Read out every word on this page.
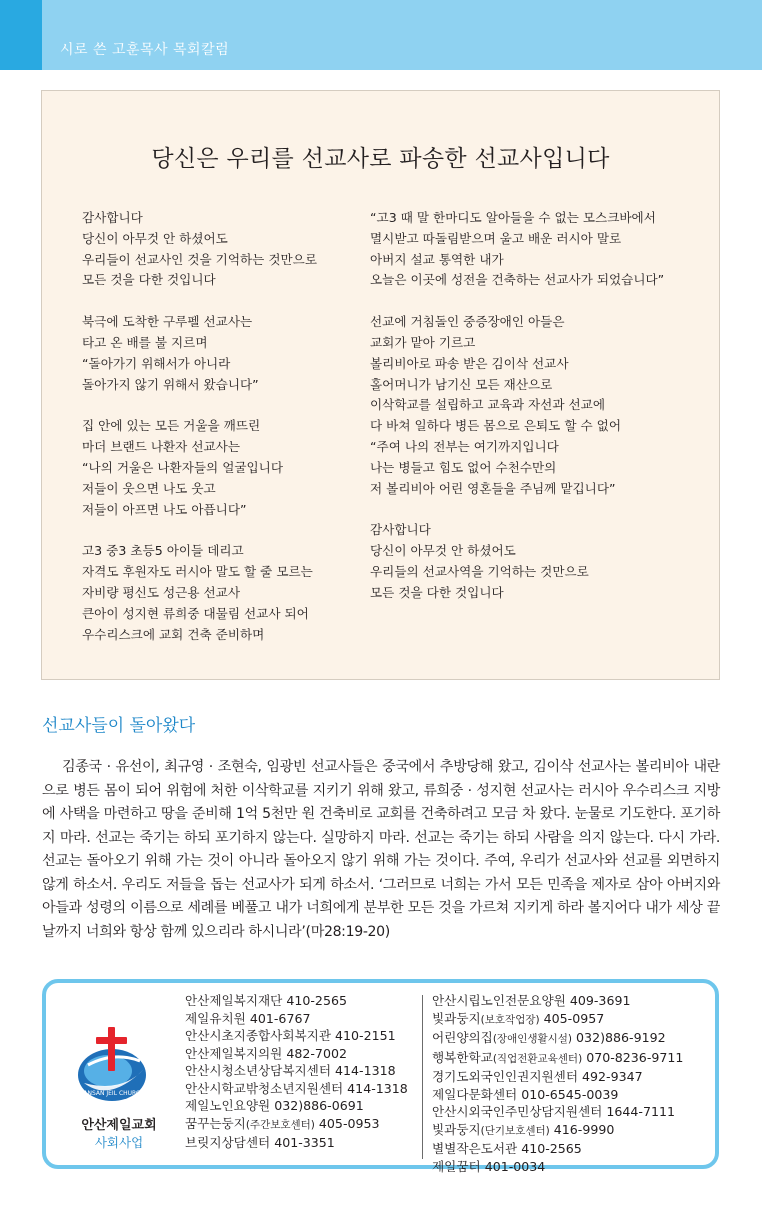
시로 쓴 고훈목사 목회칼럼
당신은 우리를 선교사로 파송한 선교사입니다
감사합니다
당신이 아무것 안 하셨어도
우리들이 선교사인 것을 기억하는 것만으로
모든 것을 다한 것입니다
북극에 도착한 구루펠 선교사는
타고 온 배를 불 지르며
“돌아가기 위해서가 아니라
돌아가지 않기 위해서 왔습니다”
집 안에 있는 모든 거울을 깨뜨린
마더 브랜드 나환자 선교사는
“나의 거울은 나환자들의 얼굴입니다
저들이 웃으면 나도 웃고
저들이 아프면 나도 아픕니다”
고3 중3 초등5 아이들 데리고
자격도 후원자도 러시아 말도 할 줄 모르는
자비량 평신도 성근용 선교사
큰아이 성지현 류희중 대물림 선교사 되어
우수리스크에 교회 건축 준비하며
“고3 때 말 한마디도 알아들을 수 없는 모스크바에서
멸시받고 따돌림받으며 울고 배운 러시아 말로
아버지 설교 통역한 내가
오늘은 이곳에 성전을 건축하는 선교사가 되었습니다”
선교에 거침돌인 중증장애인 아들은
교회가 맡아 기르고
볼리비아로 파송 받은 김이삭 선교사
홀어머니가 남기신 모든 재산으로
이삭학교를 설립하고 교육과 자선과 선교에
다 바쳐 일하다 병든 몸으로 은퇴도 할 수 없어
“주여 나의 전부는 여기까지입니다
나는 병들고 힘도 없어 수천수만의
저 볼리비아 어린 영혼들을 주님께 맡깁니다”
감사합니다
당신이 아무것 안 하셨어도
우리들의 선교사역을 기억하는 것만으로
모든 것을 다한 것입니다
선교사들이 돌아왔다
김종국 · 유선이, 최규영 · 조현숙, 임광빈 선교사들은 중국에서 추방당해 왔고, 김이삭 선교사는 볼리비아 내란으로 병든 몸이 되어 위험에 처한 이삭학교를 지키기 위해 왔고, 류희중 · 성지현 선교사는 러시아 우수리스크 지방에 사택을 마련하고 땅을 준비해 1억 5천만 원 건축비로 교회를 건축하려고 모금 차 왔다. 눈물로 기도한다. 포기하지 마라. 선교는 죽기는 하되 포기하지 않는다. 실망하지 마라. 선교는 죽기는 하되 사람을 의지 않는다. 다시 가라. 선교는 돌아오기 위해 가는 것이 아니라 돌아오지 않기 위해 가는 것이다. 주여, 우리가 선교사와 선교를 외면하지 않게 하소서. 우리도 저들을 돕는 선교사가 되게 하소서. ‘그러므로 너희는 가서 모든 민족을 제자로 삼아 아버지와 아들과 성령의 이름으로 세례를 베풀고 내가 너희에게 분부한 모든 것을 가르쳐 지키게 하라 볼지어다 내가 세상 끝날까지 너희와 항상 함께 있으리라 하시니라’(마28:19-20)
ANSAN JEIL CHURCH
안산제일교회
사회사업
안산제일복지재단 410-2565
제일유치원 401-6767
안산시초지종합사회복지관 410-2151
안산제일복지의원 482-7002
안산시청소년상담복지센터 414-1318
안산시학교밖청소년지원센터 414-1318
제일노인요양원 032)886-0691
꿈꾸는둥지(주간보호센터) 405-0953
브릿지상담센터 401-3351
안산시립노인전문요양원 409-3691
빛과둥지(보호작업장) 405-0957
어린양의집(장애인생활시설) 032)886-9192
행복한학교(직업전환교육센터) 070-8236-9711
경기도외국인인권지원센터 492-9347
제일다문화센터 010-6545-0039
안산시외국인주민상담지원센터 1644-7111
빛과둥지(단기보호센터) 416-9990
별별작은도서관 410-2565
제일꿈터 401-0034
